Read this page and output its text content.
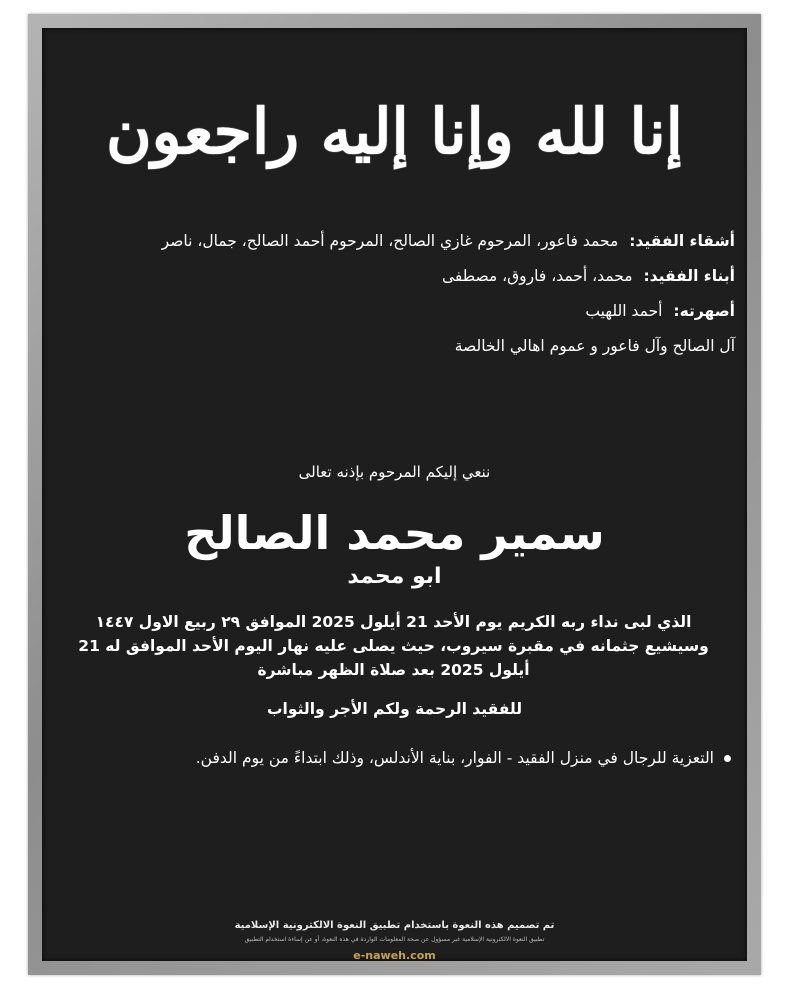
إنا لله وإنا إليه راجعون
أشقاء الفقيد: محمد فاعور، المرحوم غازي الصالح، المرحوم أحمد الصالح، جمال، ناصر
أبناء الفقيد: محمد، أحمد، فاروق، مصطفى
أصهرته: أحمد اللهيب
آل الصالح وآل فاعور و عموم اهالي الخالصة
ننعي إليكم المرحوم بإذنه تعالى
سمير محمد الصالح
ابو محمد
الذي لبى نداء ربه الكريم يوم الأحد 21 أيلول 2025 الموافق ٢٩ ربيع الاول ١٤٤٧ وسيشيع جثمانه في مقبرة سيروب، حيث يصلى عليه نهار اليوم الأحد الموافق له 21 أيلول 2025 بعد صلاة الظهر مباشرة
للفقيد الرحمة ولكم الأجر والثواب
التعزية للرجال في منزل الفقيد - الفوار، بناية الأندلس، وذلك ابتداءً من يوم الدفن.
تم تصميم هذه النعوة باستخدام تطبيق النعوة الالكترونية الإسلامية
تطبيق النعوة الالكترونية الإسلامية غير مسؤول عن صحة المعلومات الواردة في هذه النعوة، أو عن إساءة استخدام التطبيق
e-naweh.com
